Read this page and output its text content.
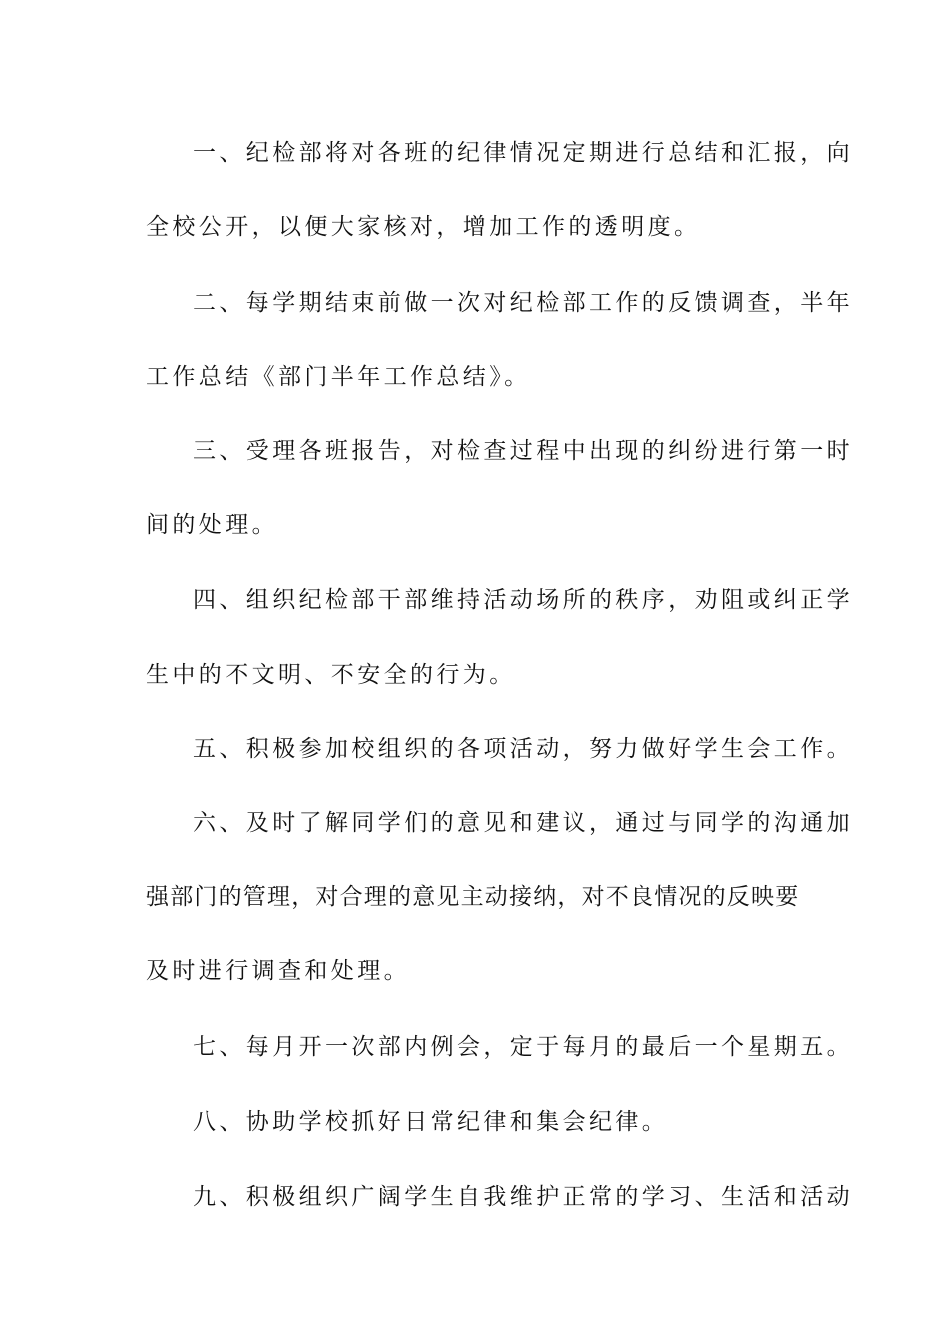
一、纪检部将对各班的纪律情况定期进行总结和汇报，向

全校公开，以便大家核对，增加工作的透明度。

二、每学期结束前做一次对纪检部工作的反馈调查，半年

工作总结《部门半年工作总结》。

三、受理各班报告，对检查过程中出现的纠纷进行第一时

间的处理。

四、组织纪检部干部维持活动场所的秩序，劝阻或纠正学

生中的不文明、不安全的行为。

五、积极参加校组织的各项活动，努力做好学生会工作。

六、及时了解同学们的意见和建议，通过与同学的沟通加

强部门的管理，对合理的意见主动接纳，对不良情况的反映要

及时进行调查和处理。

七、每月开一次部内例会，定于每月的最后一个星期五。

八、协助学校抓好日常纪律和集会纪律。

九、积极组织广阔学生自我维护正常的学习、生活和活动
